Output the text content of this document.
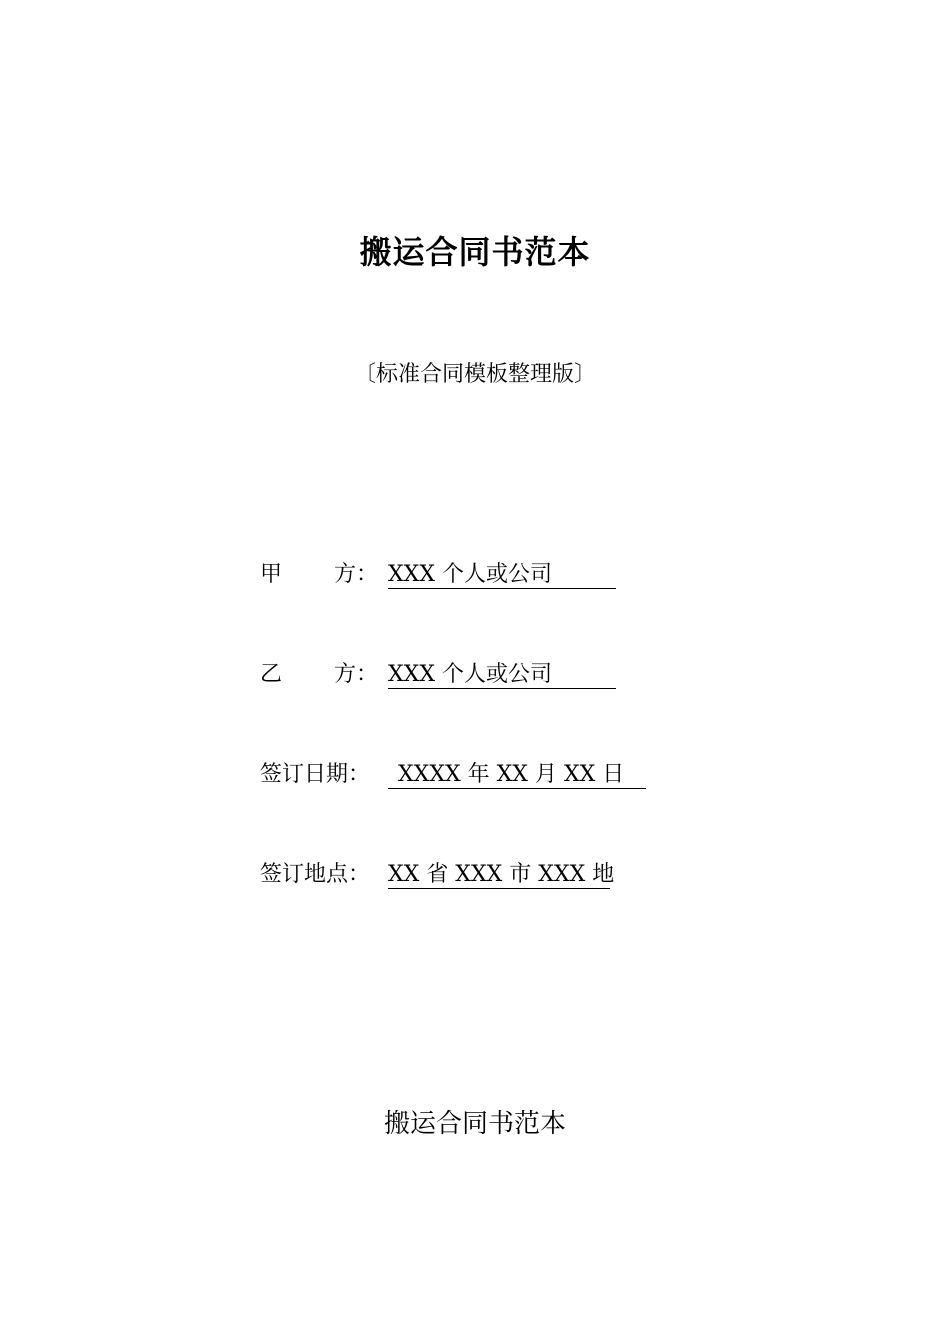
搬运合同书范本
〔标准合同模板整理版〕
甲 方： XXX 个人或公司
乙 方： XXX 个人或公司
签订日期： XXXX 年 XX 月 XX 日
签订地点： XX 省 XXX 市 XXX 地
搬运合同书范本
